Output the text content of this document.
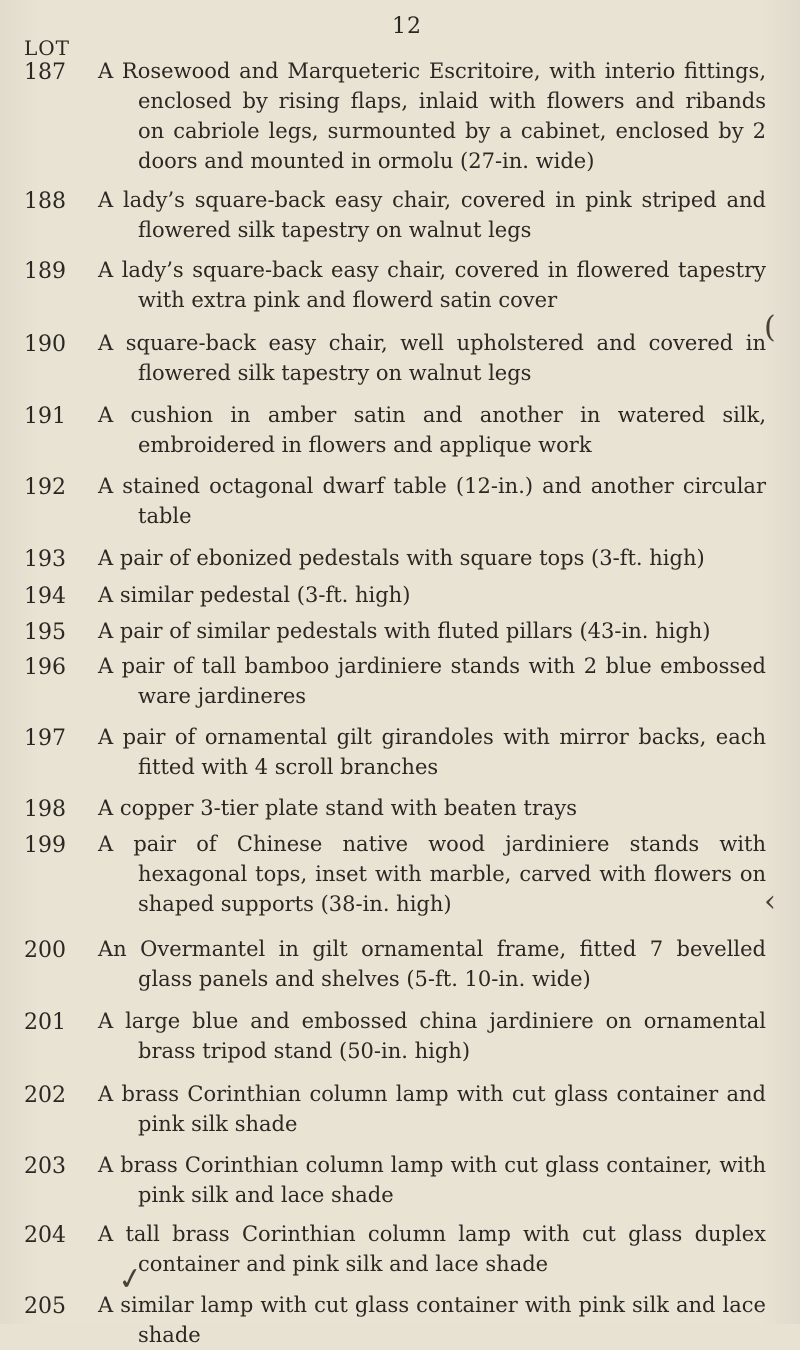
12
LOT
187	A Rosewood and Marqueteric Escritoire, with interio fittings, enclosed by rising flaps, inlaid with flowers and ribands on cabriole legs, surmounted by a cabinet, enclosed by 2 doors and mounted in ormolu (27-in. wide)
188	A lady’s square-back easy chair, covered in pink striped and flowered silk tapestry on walnut legs
189	A lady’s square-back easy chair, covered in flowered tapestry with extra pink and flowerd satin cover
190	A square-back easy chair, well upholstered and covered in flowered silk tapestry on walnut legs
191	A cushion in amber satin and another in watered silk, embroidered in flowers and applique work
192	A stained octagonal dwarf table (12-in.) and another circular table
193	A pair of ebonized pedestals with square tops (3-ft. high)
194	A similar pedestal (3-ft. high)
195	A pair of similar pedestals with fluted pillars (43-in. high)
196	A pair of tall bamboo jardiniere stands with 2 blue embossed ware jardineres
197	A pair of ornamental gilt girandoles with mirror backs, each fitted with 4 scroll branches
198	A copper 3-tier plate stand with beaten trays
199	A pair of Chinese native wood jardiniere stands with hexagonal tops, inset with marble, carved with flowers on shaped supports (38-in. high)
200	An Overmantel in gilt ornamental frame, fitted 7 bevelled glass panels and shelves (5-ft. 10-in. wide)
201	A large blue and embossed china jardiniere on ornamental brass tripod stand (50-in. high)
202	A brass Corinthian column lamp with cut glass container and pink silk shade
203	A brass Corinthian column lamp with cut glass container, with pink silk and lace shade
204	A tall brass Corinthian column lamp with cut glass duplex container and pink silk and lace shade
205	A similar lamp with cut glass container with pink silk and lace shade
(
‹
✓
